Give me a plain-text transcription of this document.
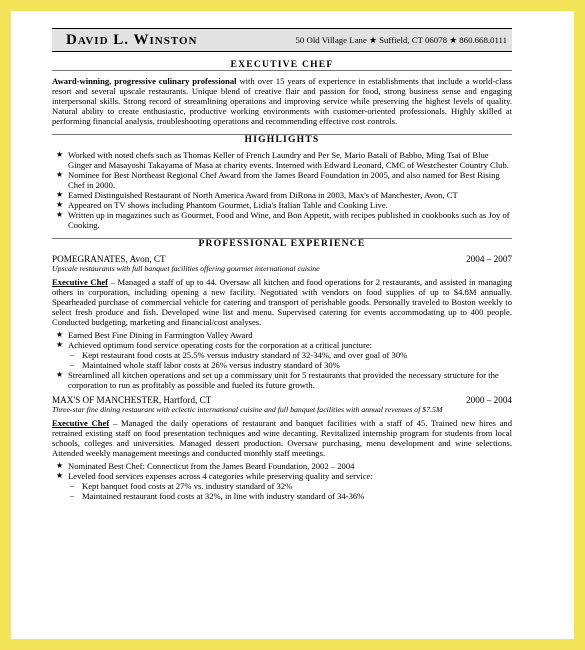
David L. Winston	50 Old Village Lane ★ Suffield, CT 06078 ★ 860.668.0111
EXECUTIVE CHEF

Award-winning, progressive culinary professional with over 15 years of experience in establishments that include a world-class resort and several upscale restaurants. Unique blend of creative flair and passion for food, strong business sense and engaging interpersonal skills. Strong record of streamlining operations and improving service while preserving the highest levels of quality. Natural ability to create enthusiastic, productive working environments with customer-oriented professionals. Highly skilled at performing financial analysis, troubleshooting operations and recommending effective cost controls.

HIGHLIGHTS
★ Worked with noted chefs such as Thomas Keller of French Laundry and Per Se, Mario Batali of Babbo, Ming Tsai of Blue Ginger and Masayoshi Takayama of Masa at charity events. Interned with Edward Leonard, CMC of Westchester Country Club.
★ Nominee for Best Northeast Regional Chef Award from the James Beard Foundation in 2005, and also named for Best Rising Chef in 2000.
★ Earned Distinguished Restaurant of North America Award from DiRona in 2003, Max's of Manchester, Avon, CT
★ Appeared on TV shows including Phantom Gourmet, Lidia's Italian Table and Cooking Live.
★ Written up in magazines such as Gourmet, Food and Wine, and Bon Appetit, with recipes published in cookbooks such as Joy of Cooking.
PROFESSIONAL EXPERIENCE
POMEGRANATES, Avon, CT	2004 – 2007
Upscale restaurants with full banquet facilities offering gourmet international cuisine

Executive Chef – Managed a staff of up to 44. Oversaw all kitchen and food operations for 2 restaurants, and assisted in managing others in corporation, including opening a new facility. Negotiated with vendors on food supplies of up to $4.8M annually. Spearheaded purchase of commercial vehicle for catering and transport of perishable goods. Personally traveled to Boston weekly to select fresh produce and fish. Developed wine list and menu. Supervised catering for events accommodating up to 400 people. Conducted budgeting, marketing and financial/cost analyses.

★ Earned Best Fine Dining in Farmington Valley Award
★ Achieved optimum food service operating costs for the corporation at a critical juncture:
– Kept restaurant food costs at 25.5% versus industry standard of 32-34%, and over goal of 30%
– Maintained whole staff labor costs at 26% versus industry standard of 30%
★ Streamlined all kitchen operations and set up a commissary unit for 5 restaurants that provided the necessary structure for the corporation to run as profitably as possible and fueled its future growth.
MAX'S OF MANCHESTER, Hartford, CT	2000 – 2004
Three-star fine dining restaurant with eclectic international cuisine and full banquet facilities with annual revenues of $7.5M

Executive Chef – Managed the daily operations of restaurant and banquet facilities with a staff of 45. Trained new hires and retrained existing staff on food presentation techniques and wine decanting. Revitalized internship program for students from local schools, colleges and universities. Managed dessert production. Oversaw purchasing, menu development and wine selections. Attended weekly management meetings and conducted monthly staff meetings.

★ Nominated Best Chef: Connecticut from the James Beard Foundation, 2002 – 2004
★ Leveled food services expenses across 4 categories while preserving quality and service:
– Kept banquet food costs at 27% vs. industry standard of 32%
– Maintained restaurant food costs at 32%, in line with industry standard of 34-36%
